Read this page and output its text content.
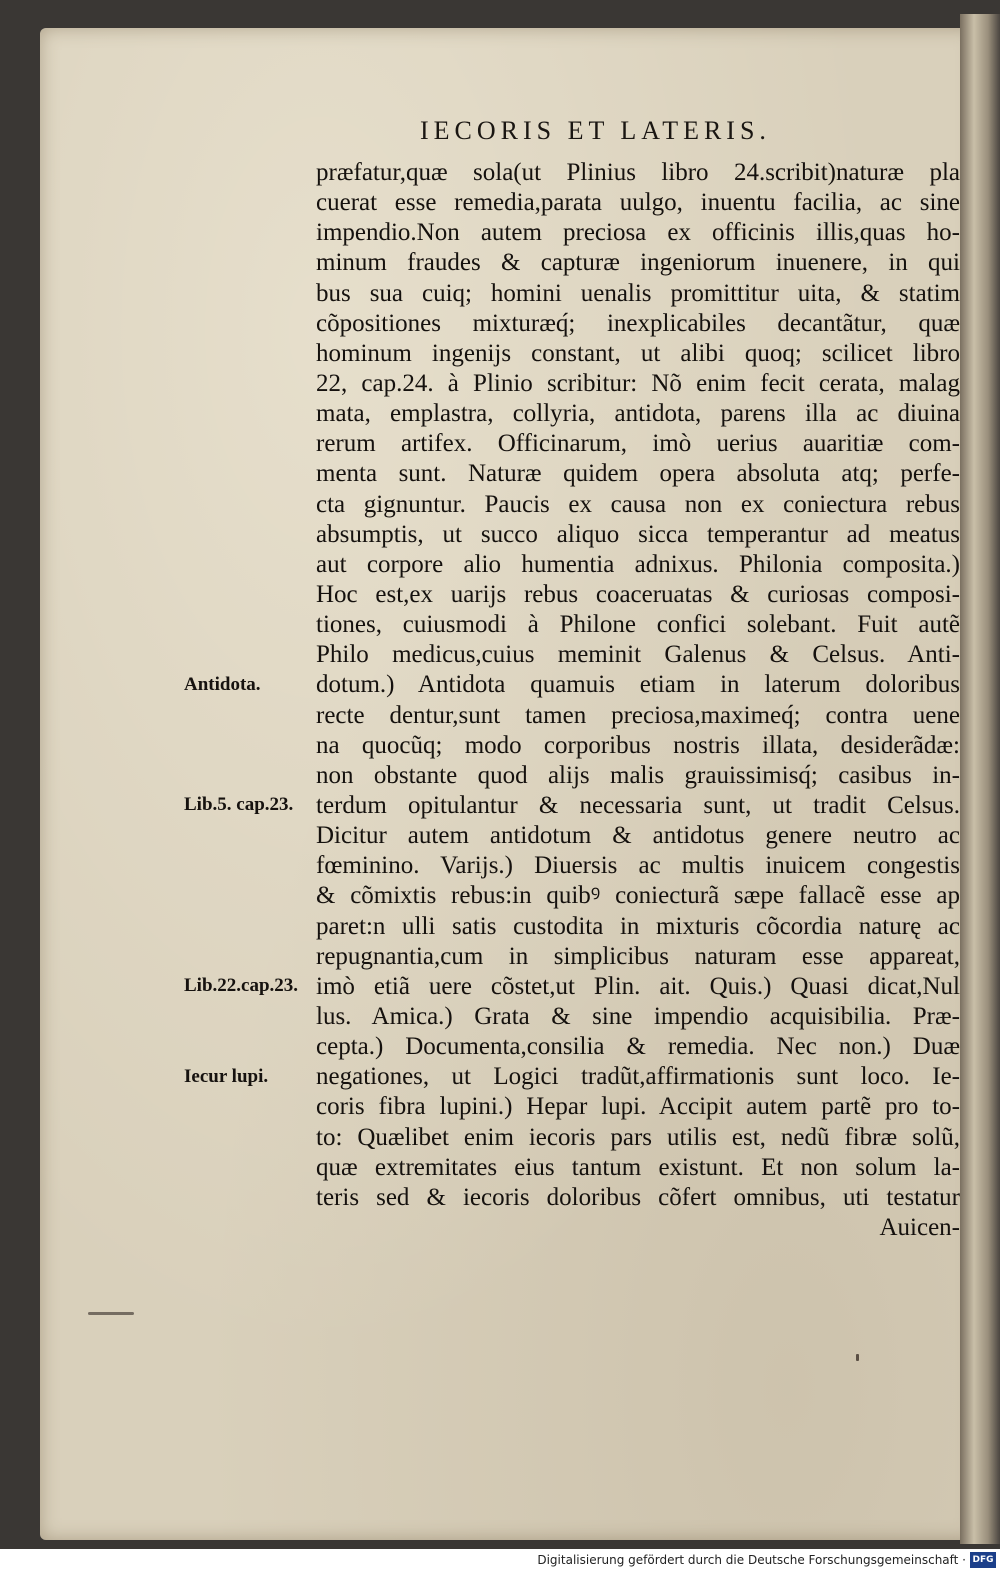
IECORIS ET LATERIS.
præfatur,quæ sola(ut Plinius libro 24.scribit)naturæ pla
cuerat esse remedia,parata uulgo, inuentu facilia, ac sine
impendio.Non autem preciosa ex officinis illis,quas ho-
minum fraudes & capturæ ingeniorum inuenere, in qui
bus sua cuiq; homini uenalis promittitur uita, & statim
cõpositiones mixturæq́; inexplicabiles decantãtur, quæ
hominum ingenijs constant, ut alibi quoq; scilicet libro
22, cap.24. à Plinio scribitur: Nõ enim fecit cerata, malag
mata, emplastra, collyria, antidota, parens illa ac diuina
rerum artifex. Officinarum, imò uerius auaritiæ com-
menta sunt. Naturæ quidem opera absoluta atq; perfe-
cta gignuntur. Paucis ex causa non ex coniectura rebus
absumptis, ut succo aliquo sicca temperantur ad meatus
aut corpore alio humentia adnixus. Philonia composita.)
Hoc est,ex uarijs rebus coaceruatas & curiosas composi-
tiones, cuiusmodi à Philone confici solebant. Fuit autẽ
Philo medicus,cuius meminit Galenus & Celsus. Anti-
dotum.) Antidota quamuis etiam in laterum doloribus
recte dentur,sunt tamen preciosa,maximeq́; contra uene
na quocũq; modo corporibus nostris illata, desiderãdæ:
non obstante quod alijs malis grauissimisq́; casibus in-
terdum opitulantur & necessaria sunt, ut tradit Celsus.
Dicitur autem antidotum & antidotus genere neutro ac
fœminino. Varijs.) Diuersis ac multis inuicem congestis
& cõmixtis rebus:in quibꝰ coniecturã sæpe fallacẽ esse ap
paret:n ulli satis custodita in mixturis cõcordia naturę ac
repugnantia,cum in simplicibus naturam esse appareat,
imò etiã uere cõstet,ut Plin. ait. Quis.) Quasi dicat,Nul
lus. Amica.) Grata & sine impendio acquisibilia. Præ-
cepta.) Documenta,consilia & remedia. Nec non.) Duæ
negationes, ut Logici tradũt,affirmationis sunt loco. Ie-
coris fibra lupini.) Hepar lupi. Accipit autem partẽ pro to-
to: Quælibet enim iecoris pars utilis est, nedũ fibræ solũ,
quæ extremitates eius tantum existunt. Et non solum la-
teris sed & iecoris doloribus cõfert omnibus, uti testatur
Auicen-
Antidota.
Lib.5. cap.23.
Lib.22.cap.23.
Iecur lupi.
Digitalisierung gefördert durch die Deutsche Forschungsgemeinschaft · DFG
